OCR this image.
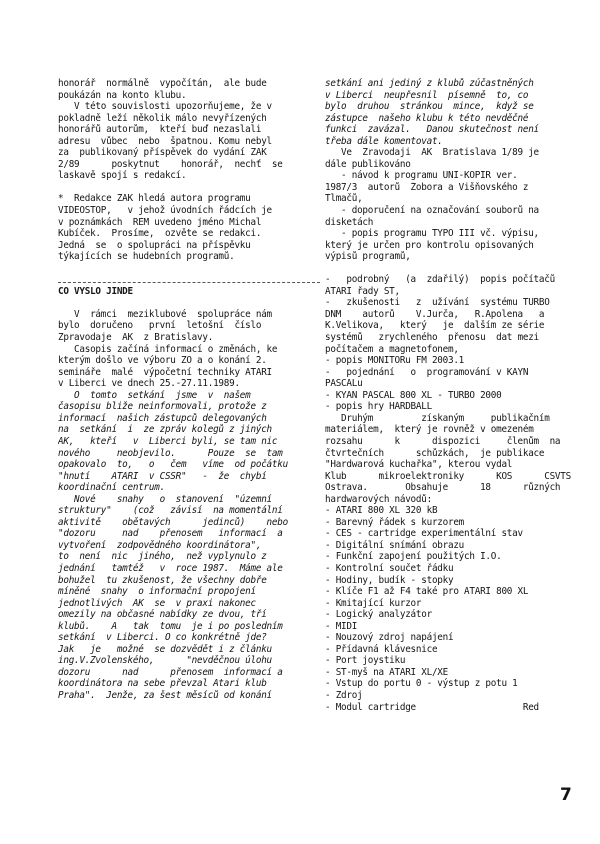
honorář  normálně  vypočítán,  ale bude
poukázán na konto klubu.
V této souvislosti upozorňujeme, že v
pokladně leží několik málo nevyřízených
honorářů autorům,  kteří buď nezaslali
adresu  vůbec  nebo  špatnou. Komu nebyl
za  publikovaný příspěvek do vydání ZAK
2/89      poskytnut    honorář,  nechť  se
laskavě spojí s redakcí.
*  Redakce ZAK hledá autora programu
VIDEOSTOP,   v jehož úvodních řádcích je
v poznámkách  REM uvedeno jméno Michal
Kubíček.  Prosíme,  ozvěte se redakci.
Jedná  se  o spolupráci na příspěvku
týkajících se hudebních programů.
CO VYŠLO JINDE
V  rámci  meziklubové  spolupráce nám
bylo  doručeno   první  letošní  číslo
Zpravodaje  AK  z Bratislavy.
Časopis začíná informací o změnách, ke
kterým došlo ve výboru ZO a o konání 2.
semináře  malé  výpočetní techniky ATARI
v Liberci ve dnech 25.-27.11.1989.
O  tomto  setkání  jsme  v  našem
časopisu bliže neinformovali, protože z
informací  našich zástupců delegovaných
na  setkání  i  ze zpráv kolegů z jiných
AK,   kteří   v  Liberci byli, se tam nic
nového     neobjevilo.      Pouze  se  tam
opakovalo  to,   o   čem   víme  od počátku
"hnutí    ATARI  v ČSSR"   -  že  chybí
koordinační centrum.
Nové    snahy   o  stanovení  "územní
struktury"    (což   závisí  na momentální
aktivitě    obětavých      jedinců)    nebo
"dozoru     nad    přenosem   informací  a
vytvoření  zodpovědného koordinátora",
to  není  nic  jiného,  než vyplynulo z
jednání   tamtéž   v  roce 1987.  Máme ale
bohužel  tu zkušenost, že všechny dobře
míněné  snahy  o informační propojení
jednotlivých  AK  se  v praxi nakonec
omezily na občasné nabídky ze dvou, tří
klubů.    A   tak  tomu  je i po posledním
setkání  v Liberci. O co konkrétně jde?
Jak   je   možné  se dozvědět i z článku
ing.V.Zvolenského,      "nevděčnou úlohu
dozoru      nad      přenosem  informací a
koordinátora na sebe převzal Atari klub
Praha".  Jenže, za šest měsíců od konání
setkání ani jediný z klubů zúčastněných
v Liberci  neupřesnil  písemně  to, co
bylo  druhou  stránkou  mince,  když se
zástupce  našeho klubu k této nevděčné
funkci  zavázal.   Danou skutečnost není
třeba dále komentovat.
Ve  Zravodaji  AK  Bratislava 1/89 je
dále publikováno
- návod k programu UNI-KOPIR ver.
1987/3  autorů  Žobora a Višňovského z
Tlmačů,
- doporučení na označování souborů na
disketách
- popis programu TYPO III vč. výpisu,
který je určen pro kontrolu opisovaných
výpisů programů,
-   podrobný   (a  zdařilý)  popis počítačů
ATARI řady ST,
-   zkušenosti   z  užívání  systému TURBO
DNM    autorů    V.Jurča,   R.Apolena   a
K.Velikova,   který   je  dalším ze série
systémů   zrychleného  přenosu  dat mezi
počítačem a magnetofonem,
- popis MONITORu FM 2003.1
-   pojednání   o  programování v KAYN
PASCALu
- KYAN PASCAL 800 XL - TURBO 2000
- popis hry HARDBALL
Druhým         získaným     publikačním
materiálem,  který je rovněž v omezeném
rozsahu      k      dispozici     členům  na
čtvrtečních      schůzkách,  je publikace
"Hardwarová kuchařka", kterou vydal
Klub      mikroelektroniky      KOS      ČSVTS
Ostrava.       Obsahuje      18      různých
hardwarových návodů:
- ATARI 800 XL 320 kB
- Barevný řádek s kurzorem
- CES - cartridge experimentální stav
- Digitální snímání obrazu
- Funkční zapojení použitých I.O.
- Kontrolní součet řádku
- Hodiny, budík - stopky
- Klíče F1 až F4 také pro ATARI 800 XL
- Kmitající kurzor
- Logický analyzátor
- MIDI
- Nouzový zdroj napájení
- Přídavná klávesnice
- Port joystiku
- ST-myš na ATARI XL/XE
- Vstup do portu 0 - výstup z potu 1
- Zdroj
- Modul cartridge                    Red
7
